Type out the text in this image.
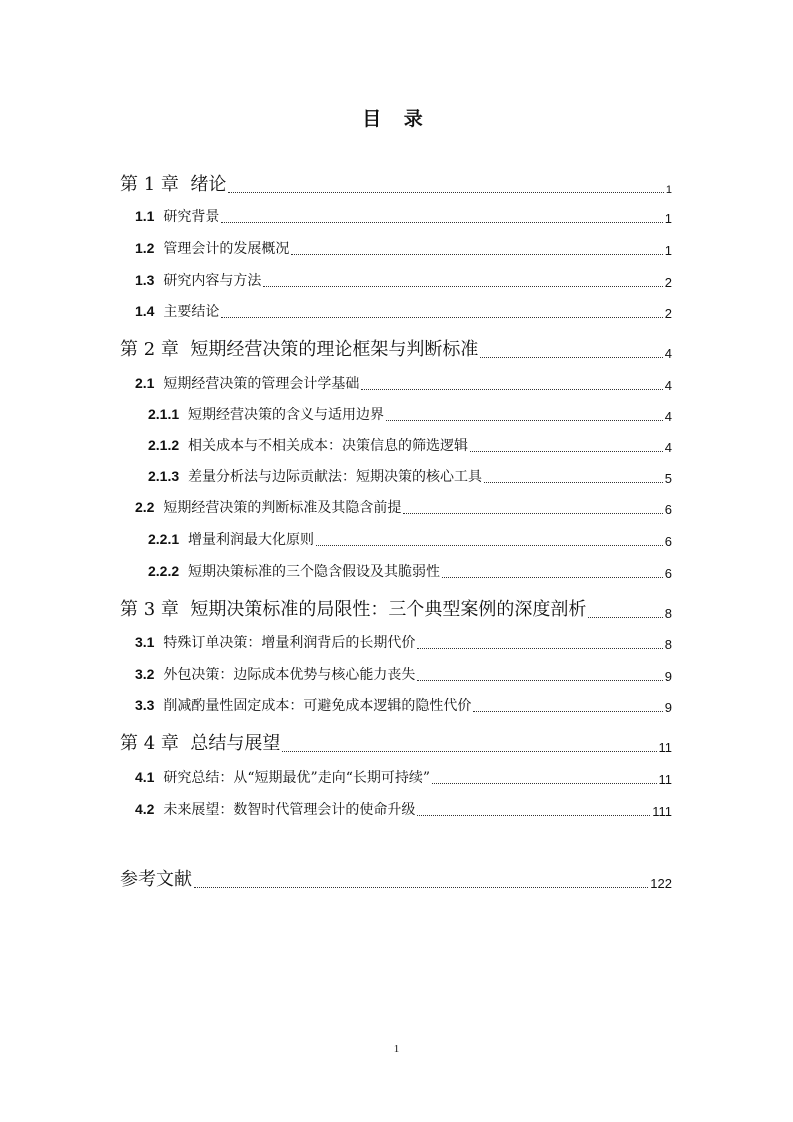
目 录
第 1 章 绪论	1
1.1 研究背景	1
1.2 管理会计的发展概况	1
1.3 研究内容与方法	2
1.4 主要结论	2
第 2 章 短期经营决策的理论框架与判断标准	4
2.1 短期经营决策的管理会计学基础	4
2.1.1 短期经营决策的含义与适用边界	4
2.1.2 相关成本与不相关成本：决策信息的筛选逻辑	4
2.1.3 差量分析法与边际贡献法：短期决策的核心工具	5
2.2 短期经营决策的判断标准及其隐含前提	6
2.2.1 增量利润最大化原则	6
2.2.2 短期决策标准的三个隐含假设及其脆弱性	6
第 3 章 短期决策标准的局限性：三个典型案例的深度剖析	8
3.1 特殊订单决策：增量利润背后的长期代价	8
3.2 外包决策：边际成本优势与核心能力丧失	9
3.3 削减酌量性固定成本：可避免成本逻辑的隐性代价	9
第 4 章 总结与展望	11
4.1 研究总结：从“短期最优”走向“长期可持续”	11
4.2 未来展望：数智时代管理会计的使命升级	111
参考文献	122
1
